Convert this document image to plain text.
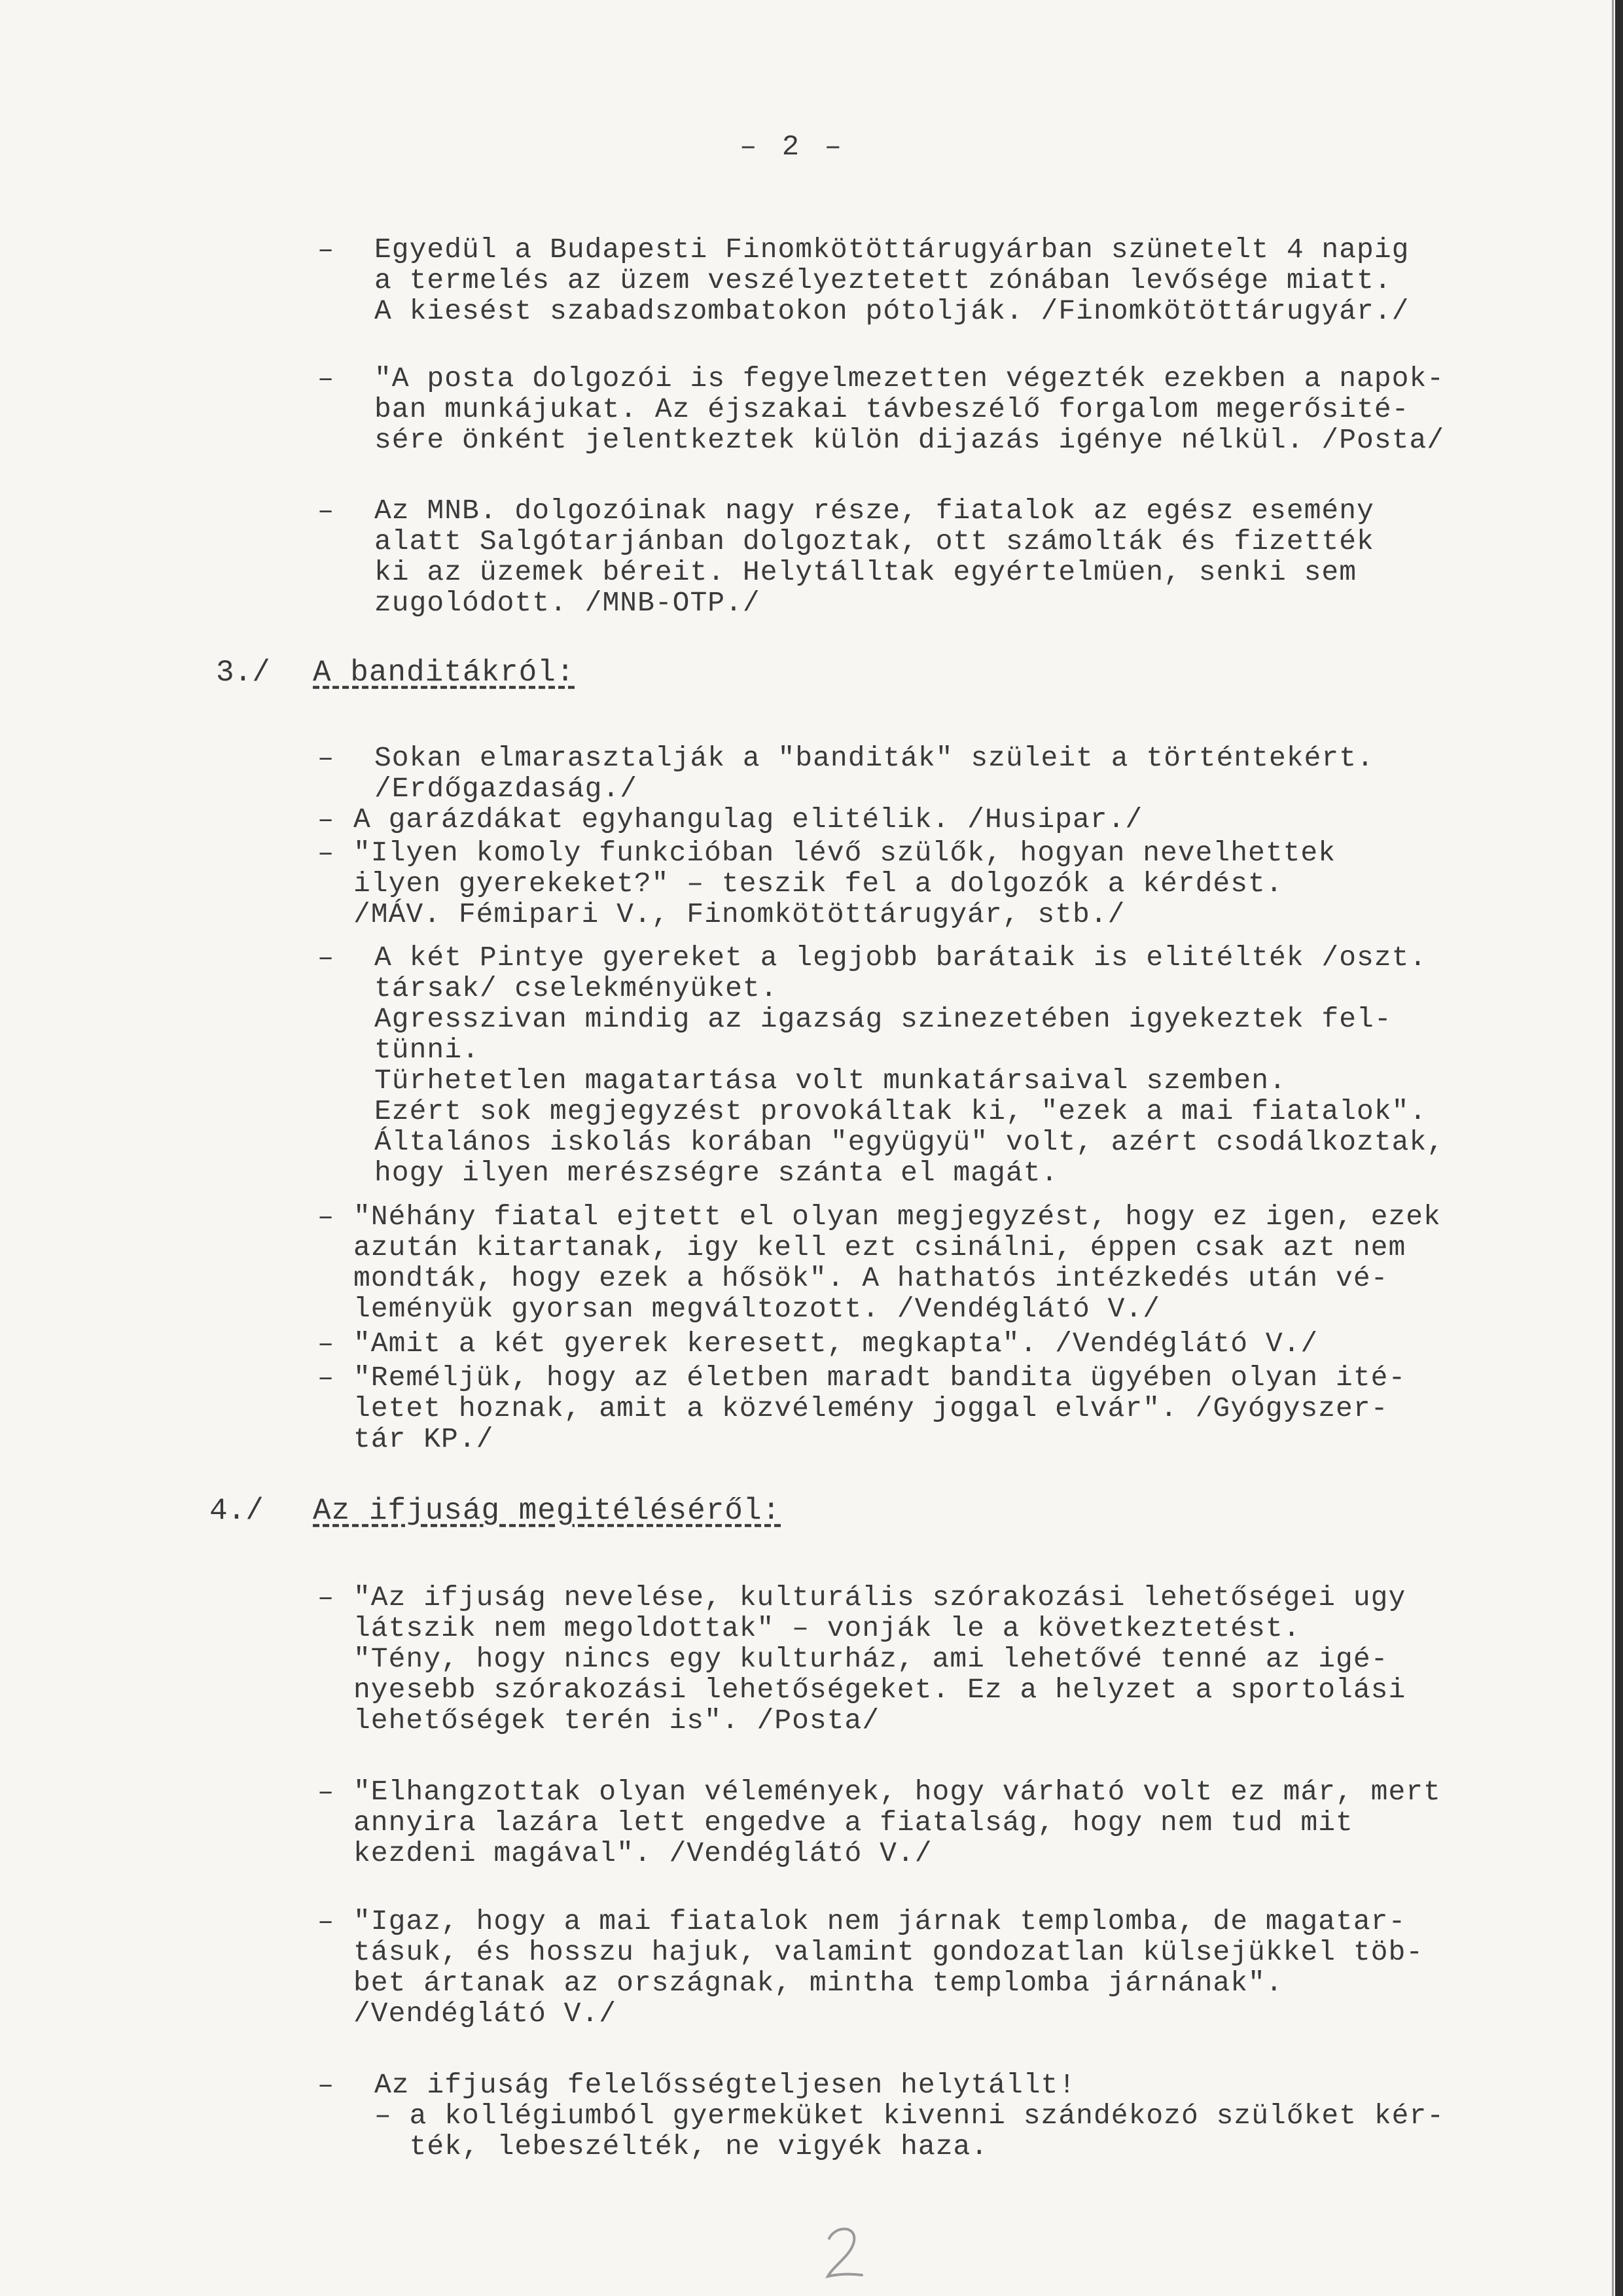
– 2 –
– Egyedül a Budapesti Finomkötöttárugyárban szünetelt 4 napig
a termelés az üzem veszélyeztetett zónában levősége miatt.
A kiesést szabadszombatokon pótolják. /Finomkötöttárugyár./
– "A posta dolgozói is fegyelmezetten végezték ezekben a napok-
ban munkájukat. Az éjszakai távbeszélő forgalom megerősité-
sére önként jelentkeztek külön dijazás igénye nélkül. /Posta/
– Az MNB. dolgozóinak nagy része, fiatalok az egész esemény
alatt Salgótarjánban dolgoztak, ott számolták és fizették
ki az üzemek béreit. Helytálltak egyértelmüen, senki sem
zugolódott. /MNB-OTP./
3./ A banditákról:
– Sokan elmarasztalják a "banditák" szüleit a történtekért.
/Erdőgazdaság./
– A garázdákat egyhangulag elitélik. /Husipar./
– "Ilyen komoly funkcióban lévő szülők, hogyan nevelhettek
ilyen gyerekeket?" – teszik fel a dolgozók a kérdést.
/MÁV. Fémipari V., Finomkötöttárugyár, stb./
– A két Pintye gyereket a legjobb barátaik is elitélték /oszt.
társak/ cselekményüket.
Agresszivan mindig az igazság szinezetében igyekeztek fel-
tünni.
Türhetetlen magatartása volt munkatársaival szemben.
Ezért sok megjegyzést provokáltak ki, "ezek a mai fiatalok".
Általános iskolás korában "együgyü" volt, azért csodálkoztak,
hogy ilyen merészségre szánta el magát.
– "Néhány fiatal ejtett el olyan megjegyzést, hogy ez igen, ezek
azután kitartanak, igy kell ezt csinálni, éppen csak azt nem
mondták, hogy ezek a hősök". A hathatós intézkedés után vé-
leményük gyorsan megváltozott. /Vendéglátó V./
– "Amit a két gyerek keresett, megkapta". /Vendéglátó V./
– "Reméljük, hogy az életben maradt bandita ügyében olyan ité-
letet hoznak, amit a közvélemény joggal elvár". /Gyógyszer-
tár KP./
4./ Az ifjuság megitéléséről:
– "Az ifjuság nevelése, kulturális szórakozási lehetőségei ugy
látszik nem megoldottak" – vonják le a következtetést.
"Tény, hogy nincs egy kulturház, ami lehetővé tenné az igé-
nyesebb szórakozási lehetőségeket. Ez a helyzet a sportolási
lehetőségek terén is". /Posta/
– "Elhangzottak olyan vélemények, hogy várható volt ez már, mert
annyira lazára lett engedve a fiatalság, hogy nem tud mit
kezdeni magával". /Vendéglátó V./
– "Igaz, hogy a mai fiatalok nem járnak templomba, de magatar-
tásuk, és hosszu hajuk, valamint gondozatlan külsejükkel töb-
bet ártanak az országnak, mintha templomba járnának".
/Vendéglátó V./
– Az ifjuság felelősségteljesen helytállt!
– a kollégiumból gyermeküket kivenni szándékozó szülőket kér-
ték, lebeszélték, ne vigyék haza.
